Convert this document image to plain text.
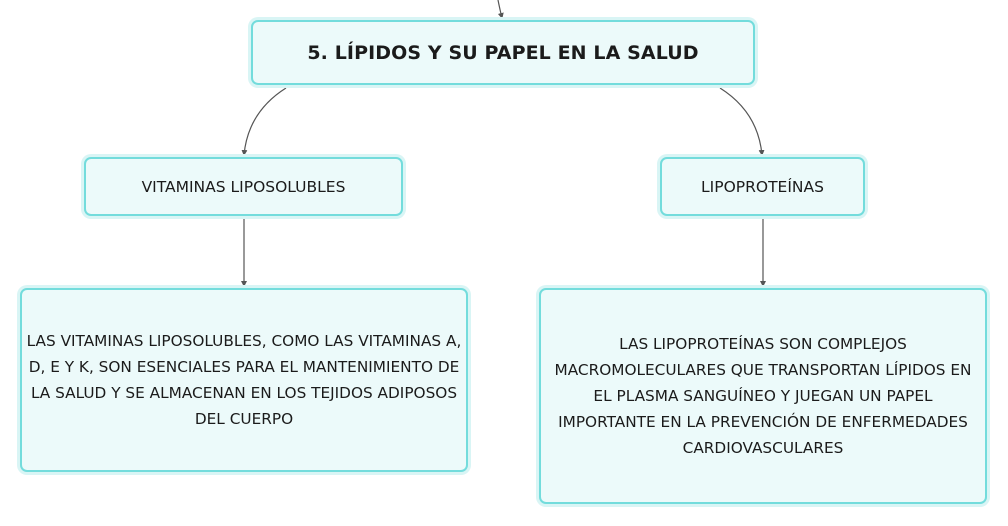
5. LÍPIDOS Y SU PAPEL EN LA SALUD
VITAMINAS LIPOSOLUBLES	LIPOPROTEÍNAS
LAS VITAMINAS LIPOSOLUBLES, COMO LAS VITAMINAS A, D, E Y K, SON ESENCIALES PARA EL MANTENIMIENTO DE LA SALUD Y SE ALMACENAN EN LOS TEJIDOS ADIPOSOS DEL CUERPO
LAS LIPOPROTEÍNAS SON COMPLEJOS MACROMOLECULARES QUE TRANSPORTAN LÍPIDOS EN EL PLASMA SANGUÍNEO Y JUEGAN UN PAPEL IMPORTANTE EN LA PREVENCIÓN DE ENFERMEDADES CARDIOVASCULARES
